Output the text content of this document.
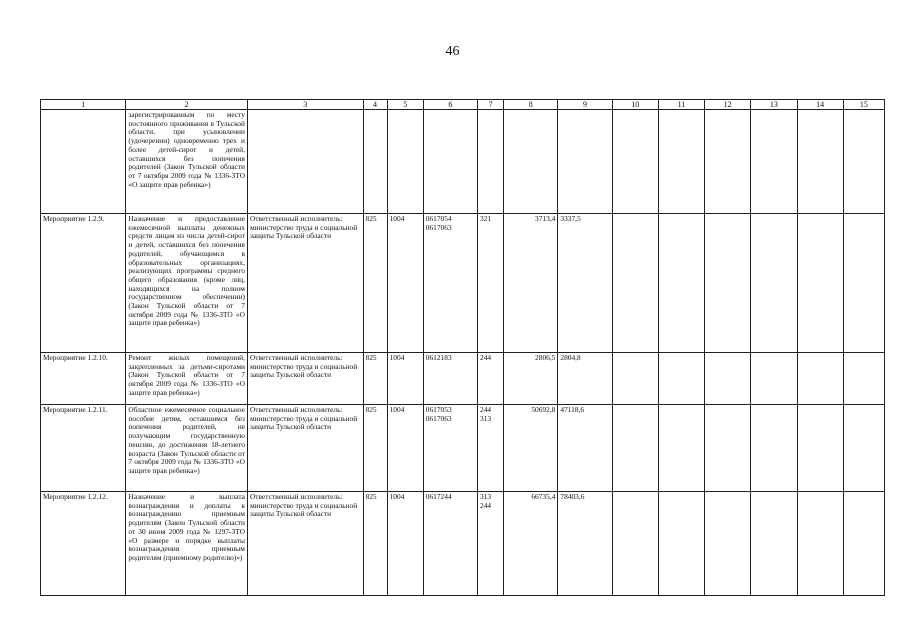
46
1	2	3	4	5	6	7	8	9	10	11	12	13	14	15
	зарегистрированным по месту постоянного проживания в Тульской области, при усыновлении (удочерении) одновременно трех и более детей-сирот и детей, оставшихся без попечения родителей (Закон Тульской области от 7 октября 2009 года № 1336-ЗТО «О защите прав ребенка»)													
Мероприятие 1.2.9.	Назначение и предоставление ежемесячной выплаты денежных средств лицам из числа детей-сирот и детей, оставшихся без попечения родителей, обучающимся в образовательных организациях, реализующих программы среднего общего образования (кроме лиц, находящихся на полном государственном обеспечении) (Закон Тульской области от 7 октября 2009 года № 1336-ЗТО «О защите прав ребенка»)	Ответственный исполнитель: министерство труда и социальной защиты Тульской области	825	1004	0617054
0617063	321	3713,4	3337,5						
Мероприятие 1.2.10.	Ремонт жилых помещений, закрепленных за детьми-сиротами (Закон Тульской области от 7 октября 2009 года № 1336-ЗТО «О защите прав ребенка»)	Ответственный исполнитель: министерство труда и социальной защиты Тульской области	825	1004	0612183	244	2806,5	2804,8						
Мероприятие 1.2.11.	Областное ежемесячное социальное пособие детям, оставшимся без попечения родителей, не получающим государственную пенсию, до достижения 18-летнего возраста (Закон Тульской области от 7 октября 2009 года № 1336-ЗТО «О защите прав ребенка»)	Ответственный исполнитель: министерство труда и социальной защиты Тульской области	825	1004	0617053
0617063	244
313	50692,8	47118,6						
Мероприятие 1.2.12.	Назначение и выплата вознаграждения и доплаты к вознаграждению приемным родителям (Закон Тульской области от 30 июня 2009 года № 1297-ЗТО «О размере и порядке выплаты вознаграждения приемным родителям (приемному родителю)»)	Ответственный исполнитель: министерство труда и социальной защиты Тульской области	825	1004	0617244	313
244	66735,4	78403,6						
